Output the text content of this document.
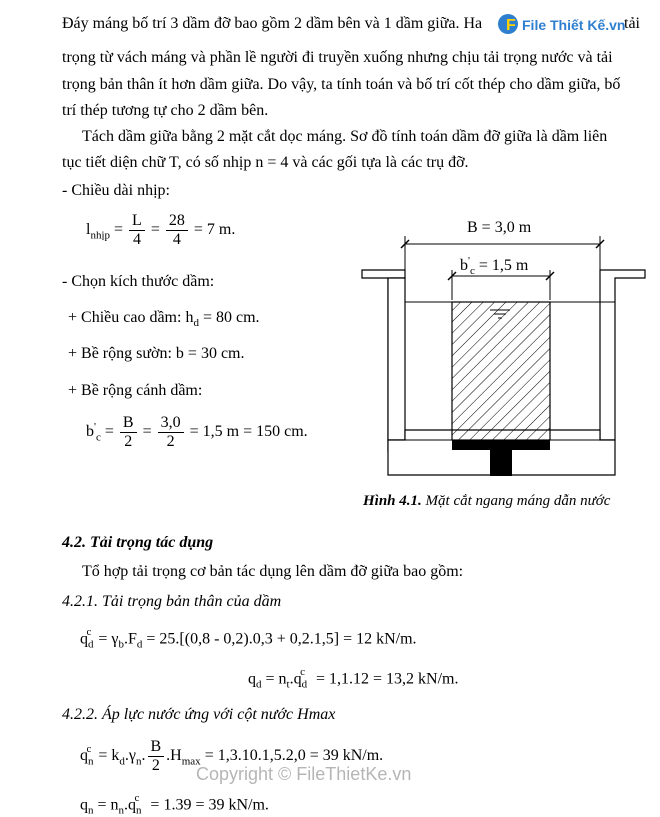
Đáy máng bố trí 3 dầm đỡ bao gồm 2 dầm bên và 1 dầm giữa. Ha	tải
F File Thiết Kế.vn
trọng từ vách máng và phần lề người đi truyền xuống nhưng chịu tải trọng nước và tải
trọng bản thân ít hơn dầm giữa. Do vậy, ta tính toán và bố trí cốt thép cho dầm giữa, bố
trí thép tương tự cho 2 dầm bên.
Tách dầm giữa bằng 2 mặt cắt dọc máng. Sơ đồ tính toán dầm đỡ giữa là dầm liên
tục tiết diện chữ T, có số nhịp n = 4 và các gối tựa là các trụ đỡ.
- Chiều dài nhịp:
$l_{nhịp} = \frac{L}{4} = \frac{28}{4} = 7$ m.
- Chọn kích thước dầm:
+ Chiều cao dầm: $h_d = 80$ cm.
+ Bề rộng sườn: b = 30 cm.
+ Bề rộng cánh dầm:
$b'_c = \frac{B}{2} = \frac{3,0}{2} = 1,5$ m = 150 cm.
B = 3,0 m
$b'_c = 1,5$ m
Hình 4.1. Mặt cắt ngang máng dẫn nước
4.2. Tải trọng tác dụng
Tổ hợp tải trọng cơ bản tác dụng lên dầm đỡ giữa bao gồm:
4.2.1. Tải trọng bản thân của dầm
$q_d^c = \gamma_b.F_d = 25.[(0,8 - 0,2).0,3 + 0,2.1,5] = 12$ kN/m.
$q_d = n_t.q_d^c = 1,1.12 = 13,2$ kN/m.
4.2.2. Áp lực nước ứng với cột nước Hmax
$q_n^c = k_d.\gamma_n$. $\frac{B}{2} .H_{max} = 1,3.10.1,5.2,0 = 39$ kN/m.
$q_n = n_n.q_n^c = 1.39 = 39$ kN/m.
Copyright © FileThietKe.vn
